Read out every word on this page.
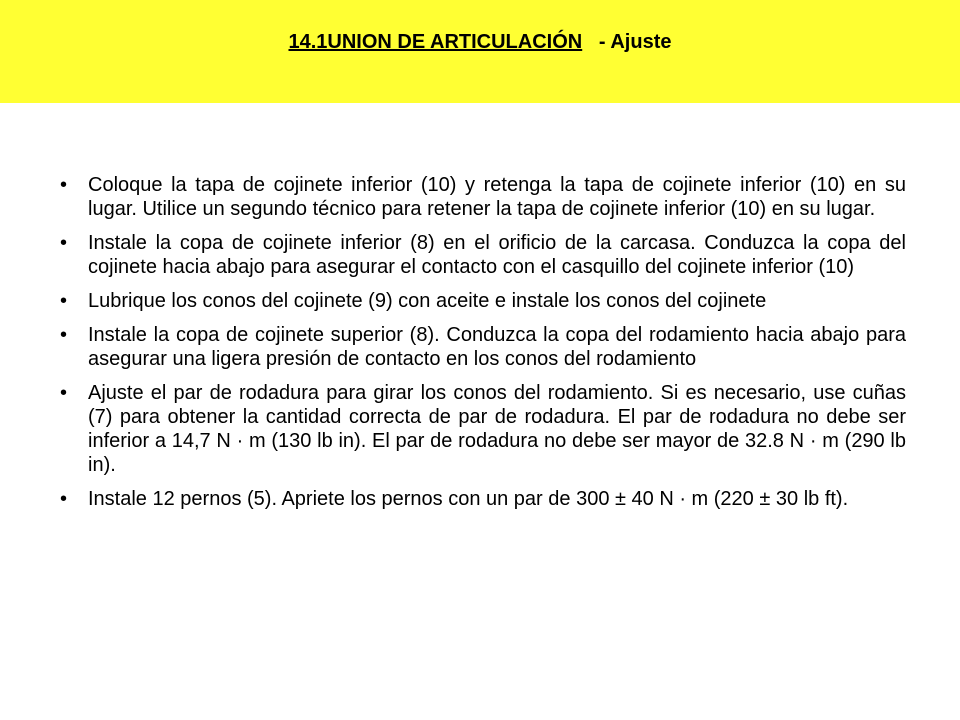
14.1UNION DE ARTICULACIÓN - Ajuste
• Coloque la tapa de cojinete inferior (10) y retenga la tapa de cojinete inferior (10) en su lugar. Utilice un segundo técnico para retener la tapa de cojinete inferior (10) en su lugar.
• Instale la copa de cojinete inferior (8) en el orificio de la carcasa. Conduzca la copa del cojinete hacia abajo para asegurar el contacto con el casquillo del cojinete inferior (10)
• Lubrique los conos del cojinete (9) con aceite e instale los conos del cojinete
• Instale la copa de cojinete superior (8). Conduzca la copa del rodamiento hacia abajo para asegurar una ligera presión de contacto en los conos del rodamiento
• Ajuste el par de rodadura para girar los conos del rodamiento. Si es necesario, use cuñas (7) para obtener la cantidad correcta de par de rodadura. El par de rodadura no debe ser inferior a 14,7 N · m (130 lb in). El par de rodadura no debe ser mayor de 32.8 N · m (290 lb in).
• Instale 12 pernos (5). Apriete los pernos con un par de 300 ± 40 N · m (220 ± 30 lb ft).
